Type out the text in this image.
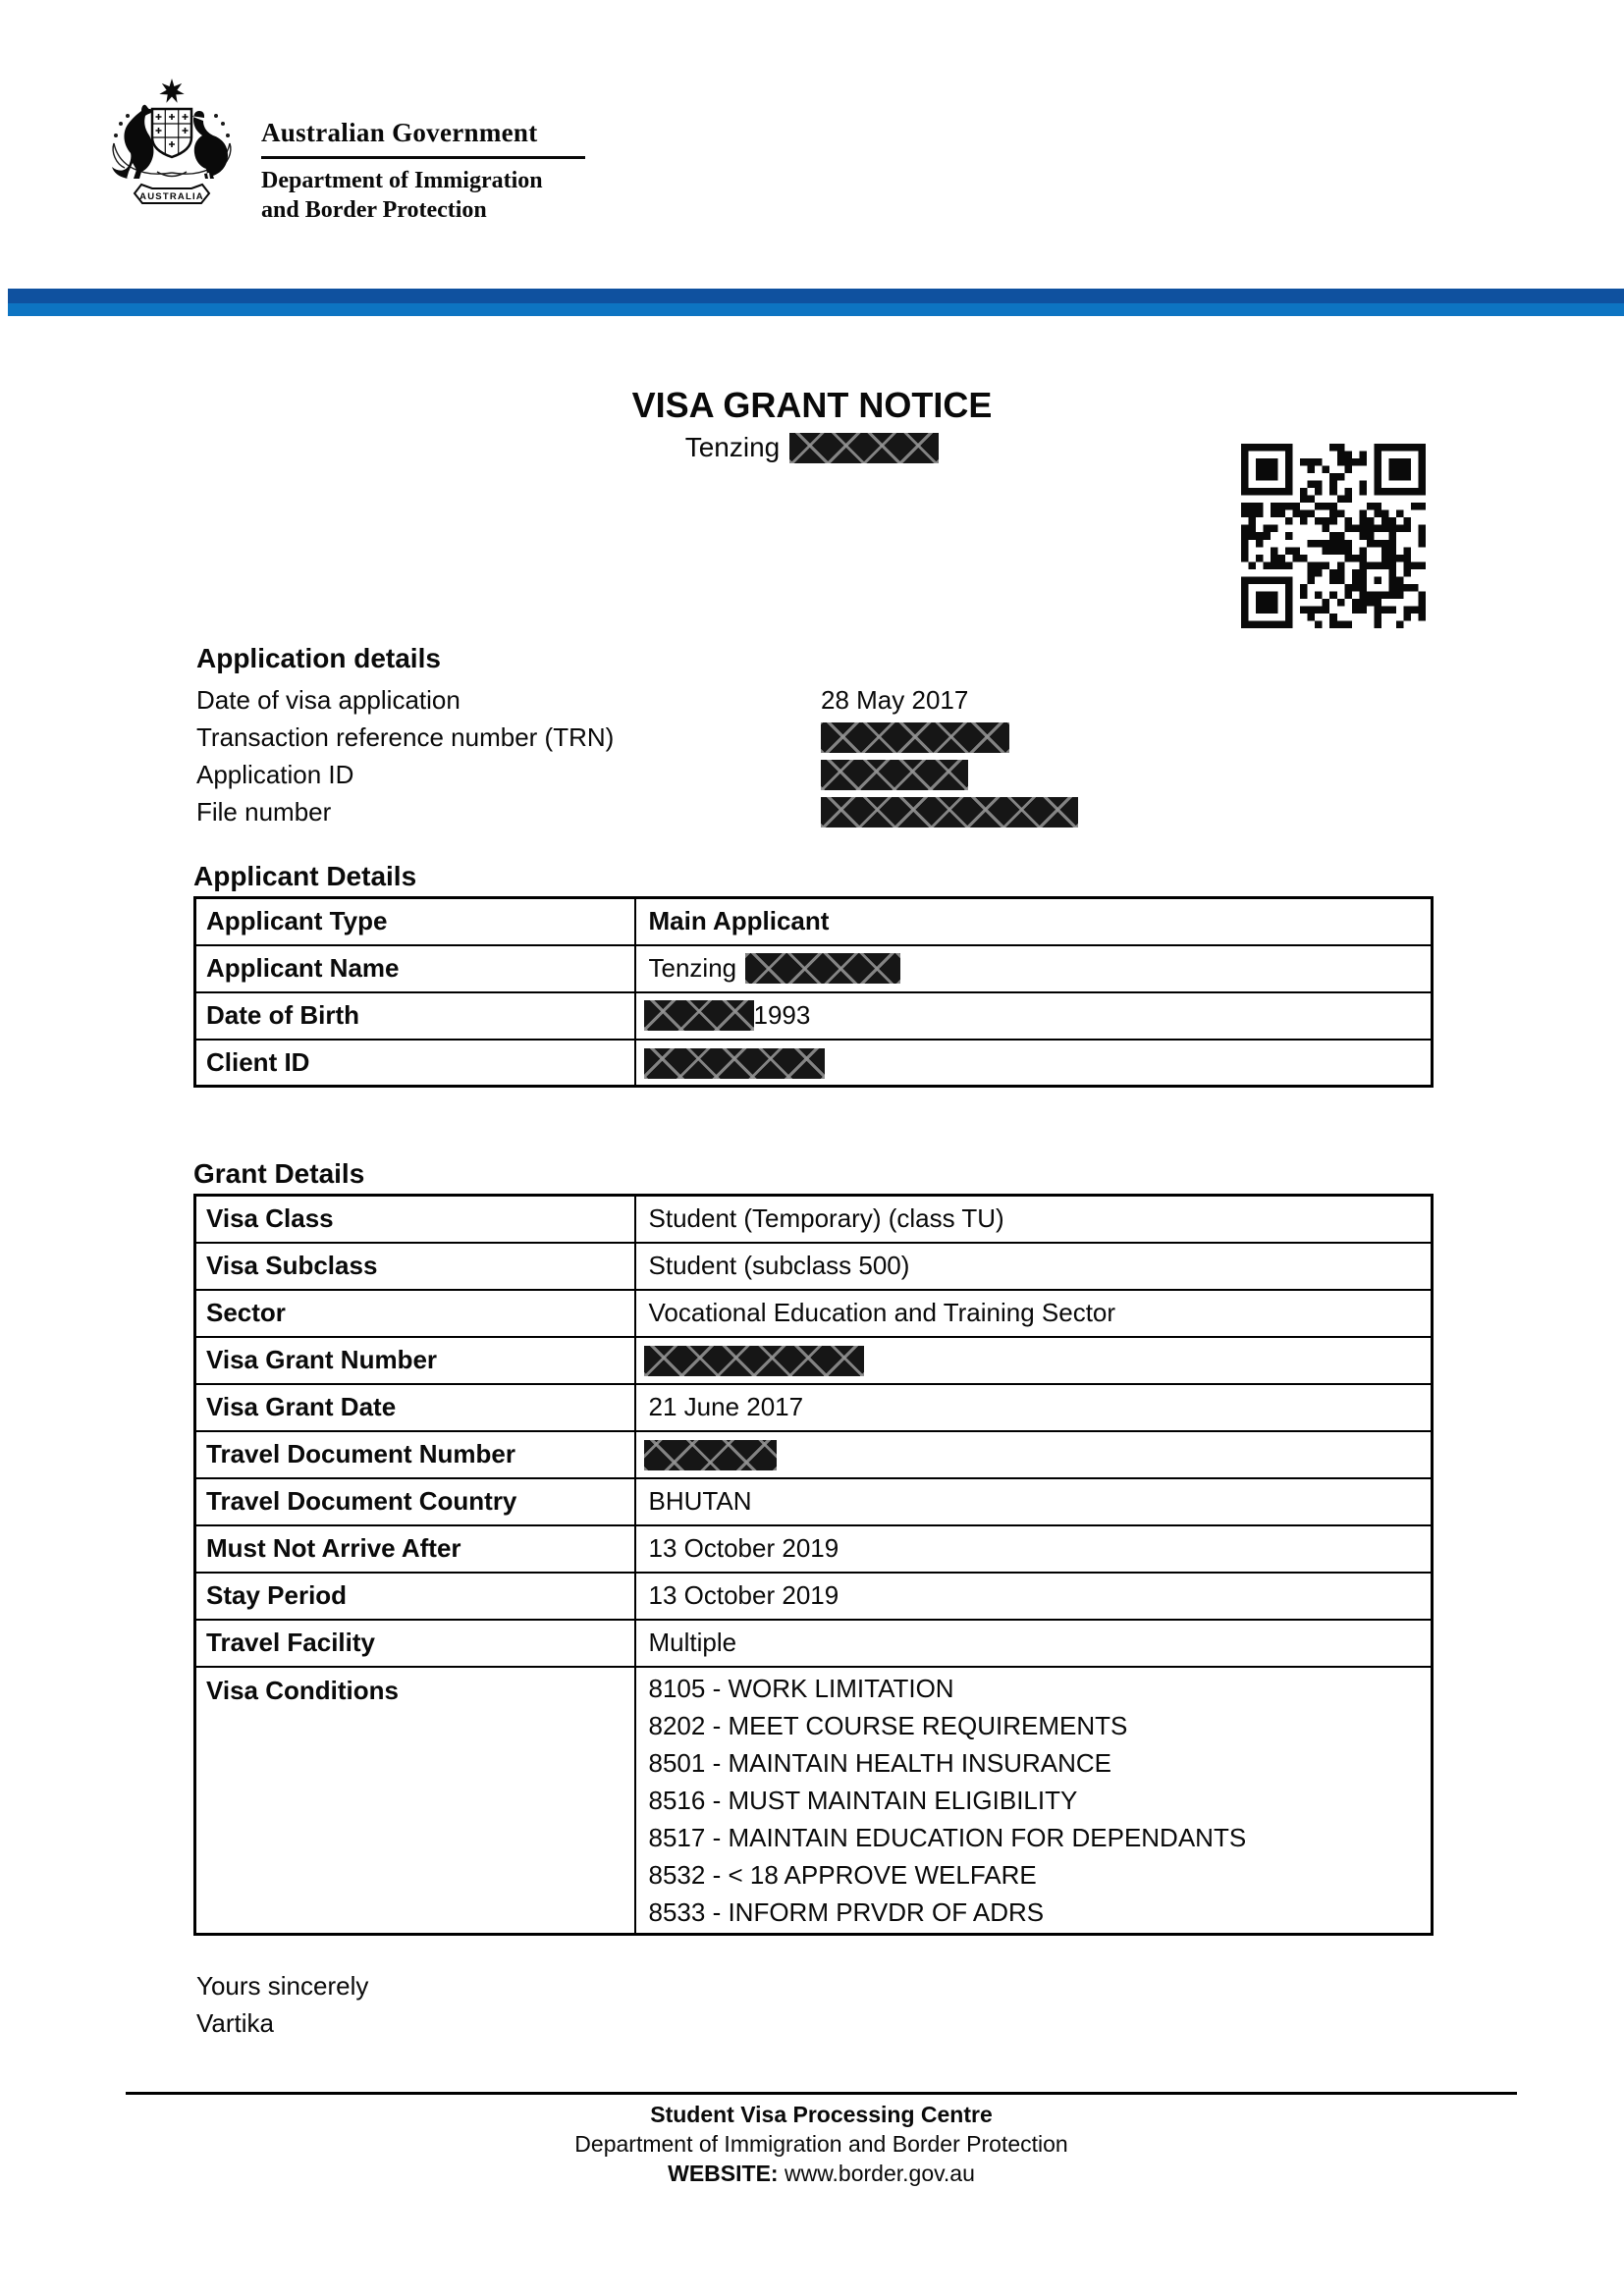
AUSTRALIA
Australian Government
Department of Immigration
and Border Protection
VISA GRANT NOTICE
Tenzing
Application details
Date of visa application	28 May 2017
Transaction reference number (TRN)
Application ID
File number
Applicant Details
Applicant Type	Main Applicant
Applicant Name	Tenzing

Date of Birth	1993

Client ID	
Grant Details
Visa Class	Student (Temporary) (class TU)
Visa Subclass	Student (subclass 500)
Sector	Vocational Education and Training Sector
Visa Grant Number	
Visa Grant Date	21 June 2017
Travel Document Number	
Travel Document Country	BHUTAN
Must Not Arrive After	13 October 2019
Stay Period	13 October 2019
Travel Facility	Multiple
Visa Conditions	8105 - WORK LIMITATION
8202 - MEET COURSE REQUIREMENTS
8501 - MAINTAIN HEALTH INSURANCE
8516 - MUST MAINTAIN ELIGIBILITY
8517 - MAINTAIN EDUCATION FOR DEPENDANTS
8532 - < 18 APPROVE WELFARE
8533 - INFORM PRVDR OF ADRS
Yours sincerely
Vartika
Student Visa Processing Centre
Department of Immigration and Border Protection
WEBSITE: www.border.gov.au
